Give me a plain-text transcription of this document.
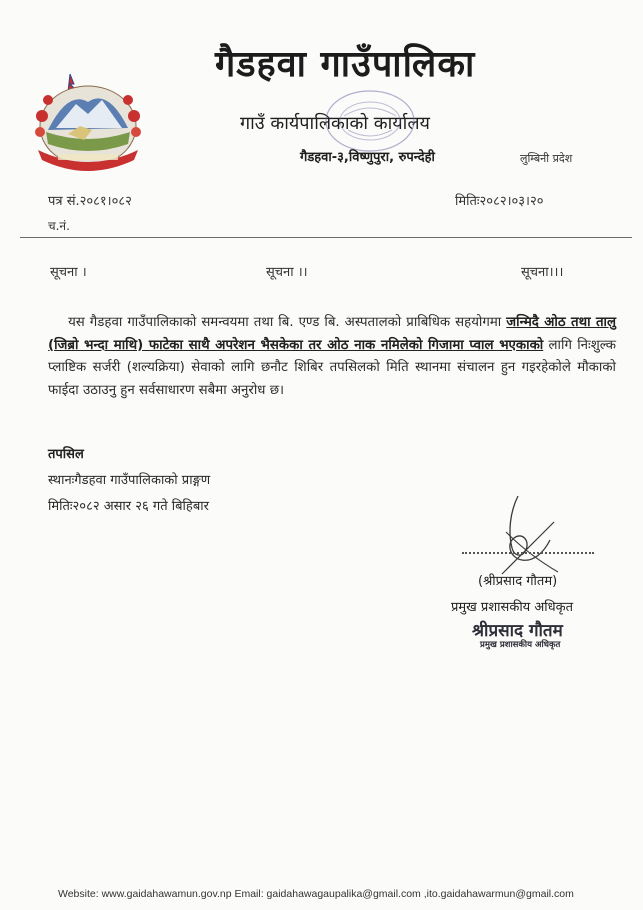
गैडहवा गाउँपालिका
गाउँ कार्यपालिकाको कार्यालय
गैडहवा-३,विष्णुपुरा, रुपन्देही	लुम्बिनी प्रदेश
पत्र सं.२०८१।०८२	मितिः२०८२।०३।२०
च.नं.
सूचना ।	सूचना ।।	सूचना।।।
यस गैडहवा गाउँपालिकाको समन्वयमा तथा बि. एण्ड बि. अस्पतालको प्राबिधिक सहयोगमा जन्मिदै ओठ तथा तालु (जिब्रो भन्दा माथि) फाटेका साथै अपरेशन भैसकेका तर ओठ नाक नमिलेको गिजामा प्वाल भएकाको लागि निःशुल्क प्लाष्टिक सर्जरी (शल्यक्रिया) सेवाको लागि छनौट शिबिर तपसिलको मिति स्थानमा संचालन हुन गइरहेकोले मौकाको फाईदा उठाउनु हुन सर्वसाधारण सबैमा अनुरोध छ।
तपसिल
स्थानःगैडहवा गाउँपालिकाको प्राङ्गण
मितिः२०८२ असार २६ गते बिहिबार
(श्रीप्रसाद गौतम)
प्रमुख प्रशासकीय अधिकृत
श्रीप्रसाद गौतम
प्रमुख प्रशासकीय अधिकृत
Website: www.gaidahawamun.gov.np Email: gaidahawagaupalika@gmail.com ,ito.gaidahawarmun@gmail.com
